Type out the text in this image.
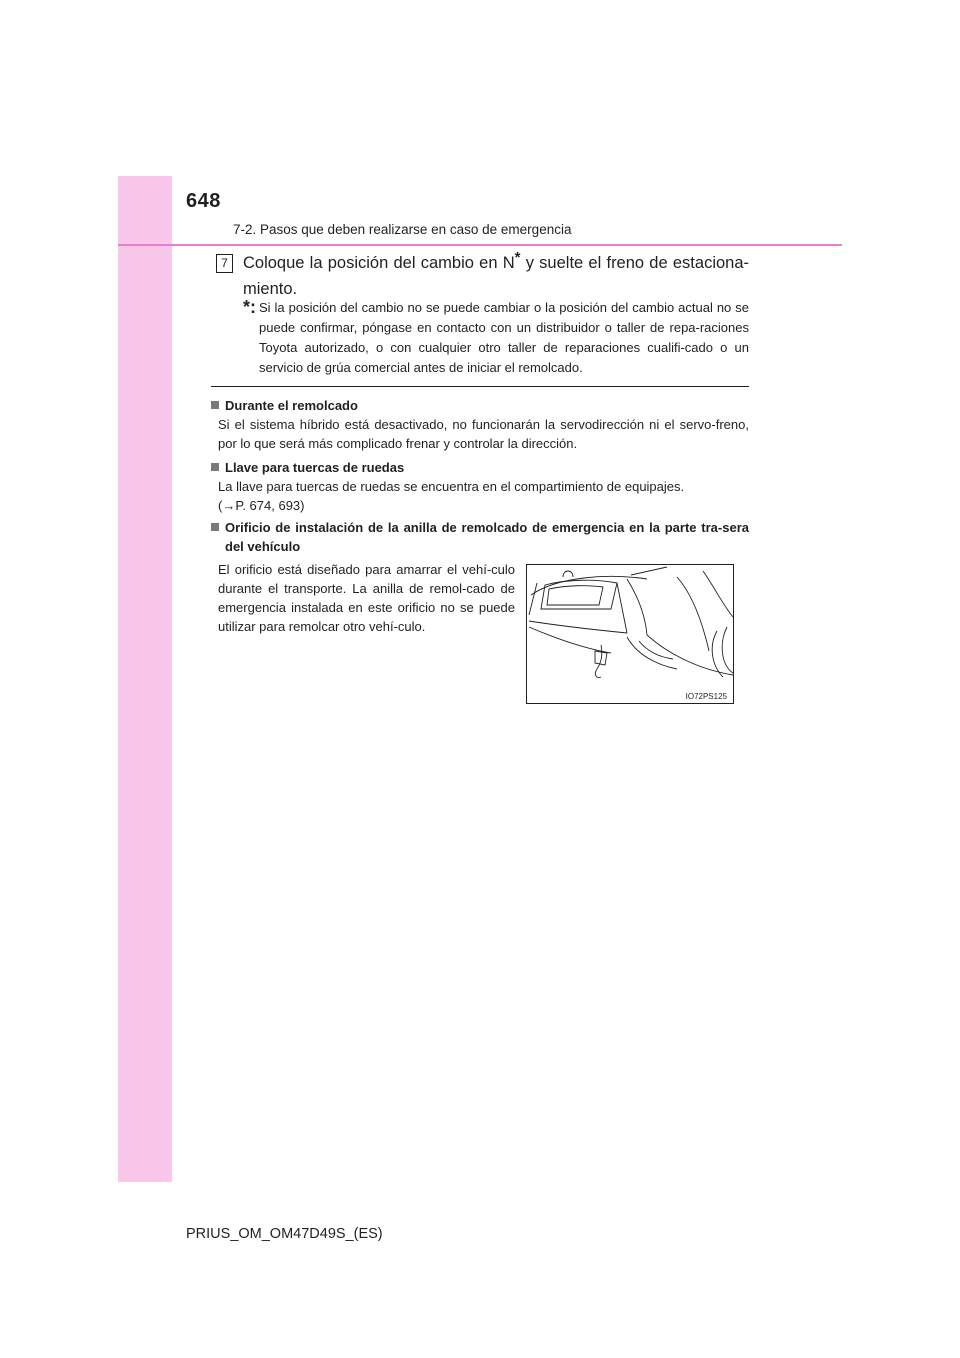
648
7-2. Pasos que deben realizarse en caso de emergencia
7 Coloque la posición del cambio en N* y suelte el freno de estaciona-miento.
*: Si la posición del cambio no se puede cambiar o la posición del cambio actual no se puede confirmar, póngase en contacto con un distribuidor o taller de repa-raciones Toyota autorizado, o con cualquier otro taller de reparaciones cualifi-cado o un servicio de grúa comercial antes de iniciar el remolcado.
Durante el remolcado
Si el sistema híbrido está desactivado, no funcionarán la servodirección ni el servo-freno, por lo que será más complicado frenar y controlar la dirección.
Llave para tuercas de ruedas
La llave para tuercas de ruedas se encuentra en el compartimiento de equipajes.
(→P. 674, 693)
Orificio de instalación de la anilla de remolcado de emergencia en la parte tra-sera del vehículo
El orificio está diseñado para amarrar el vehí-culo durante el transporte. La anilla de remol-cado de emergencia instalada en este orificio no se puede utilizar para remolcar otro vehí-culo.
IO72PS125
PRIUS_OM_OM47D49S_(ES)
